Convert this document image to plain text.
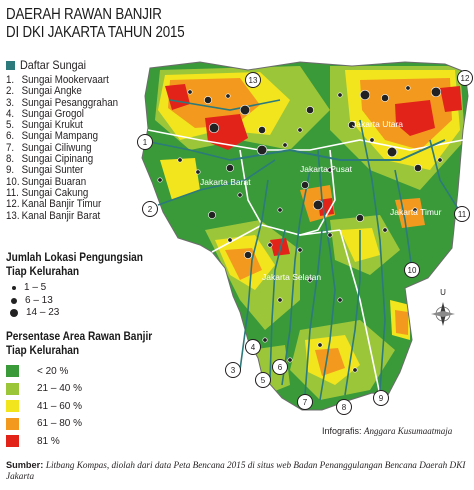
Jakarta Utara
Jakarta Barat
Jakarta Pusat
Jakarta Timur
Jakarta Selatan
1
2
3
4
5
6
7
8
9
10
11
12
13
U
DAERAH RAWAN BANJIR
DI DKI JAKARTA TAHUN 2015
Daftar Sungai
1. Sungai Mookervaart
2. Sungai Angke
3. Sungai Pesanggrahan
4. Sungai Grogol
5. Sungai Krukut
6. Sungai Mampang
7. Sungai Ciliwung
8. Sungai Cipinang
9. Sungai Sunter
10. Sungai Buaran
11. Sungai Cakung
12. Kanal Banjir Timur
13. Kanal Banjir Barat
Jumlah Lokasi Pengungsian
Tiap Kelurahan
1 – 5
6 – 13
14 – 23
Persentase Area Rawan Banjir
Tiap Kelurahan
< 20 %
21 – 40 %
41 – 60 %
61 – 80 %
81 %
Infografis: Anggara Kusumaatmaja
Sumber: Litbang Kompas, diolah dari data Peta Bencana 2015 di situs web Badan Penanggulangan Bencana Daerah DKI Jakarta
